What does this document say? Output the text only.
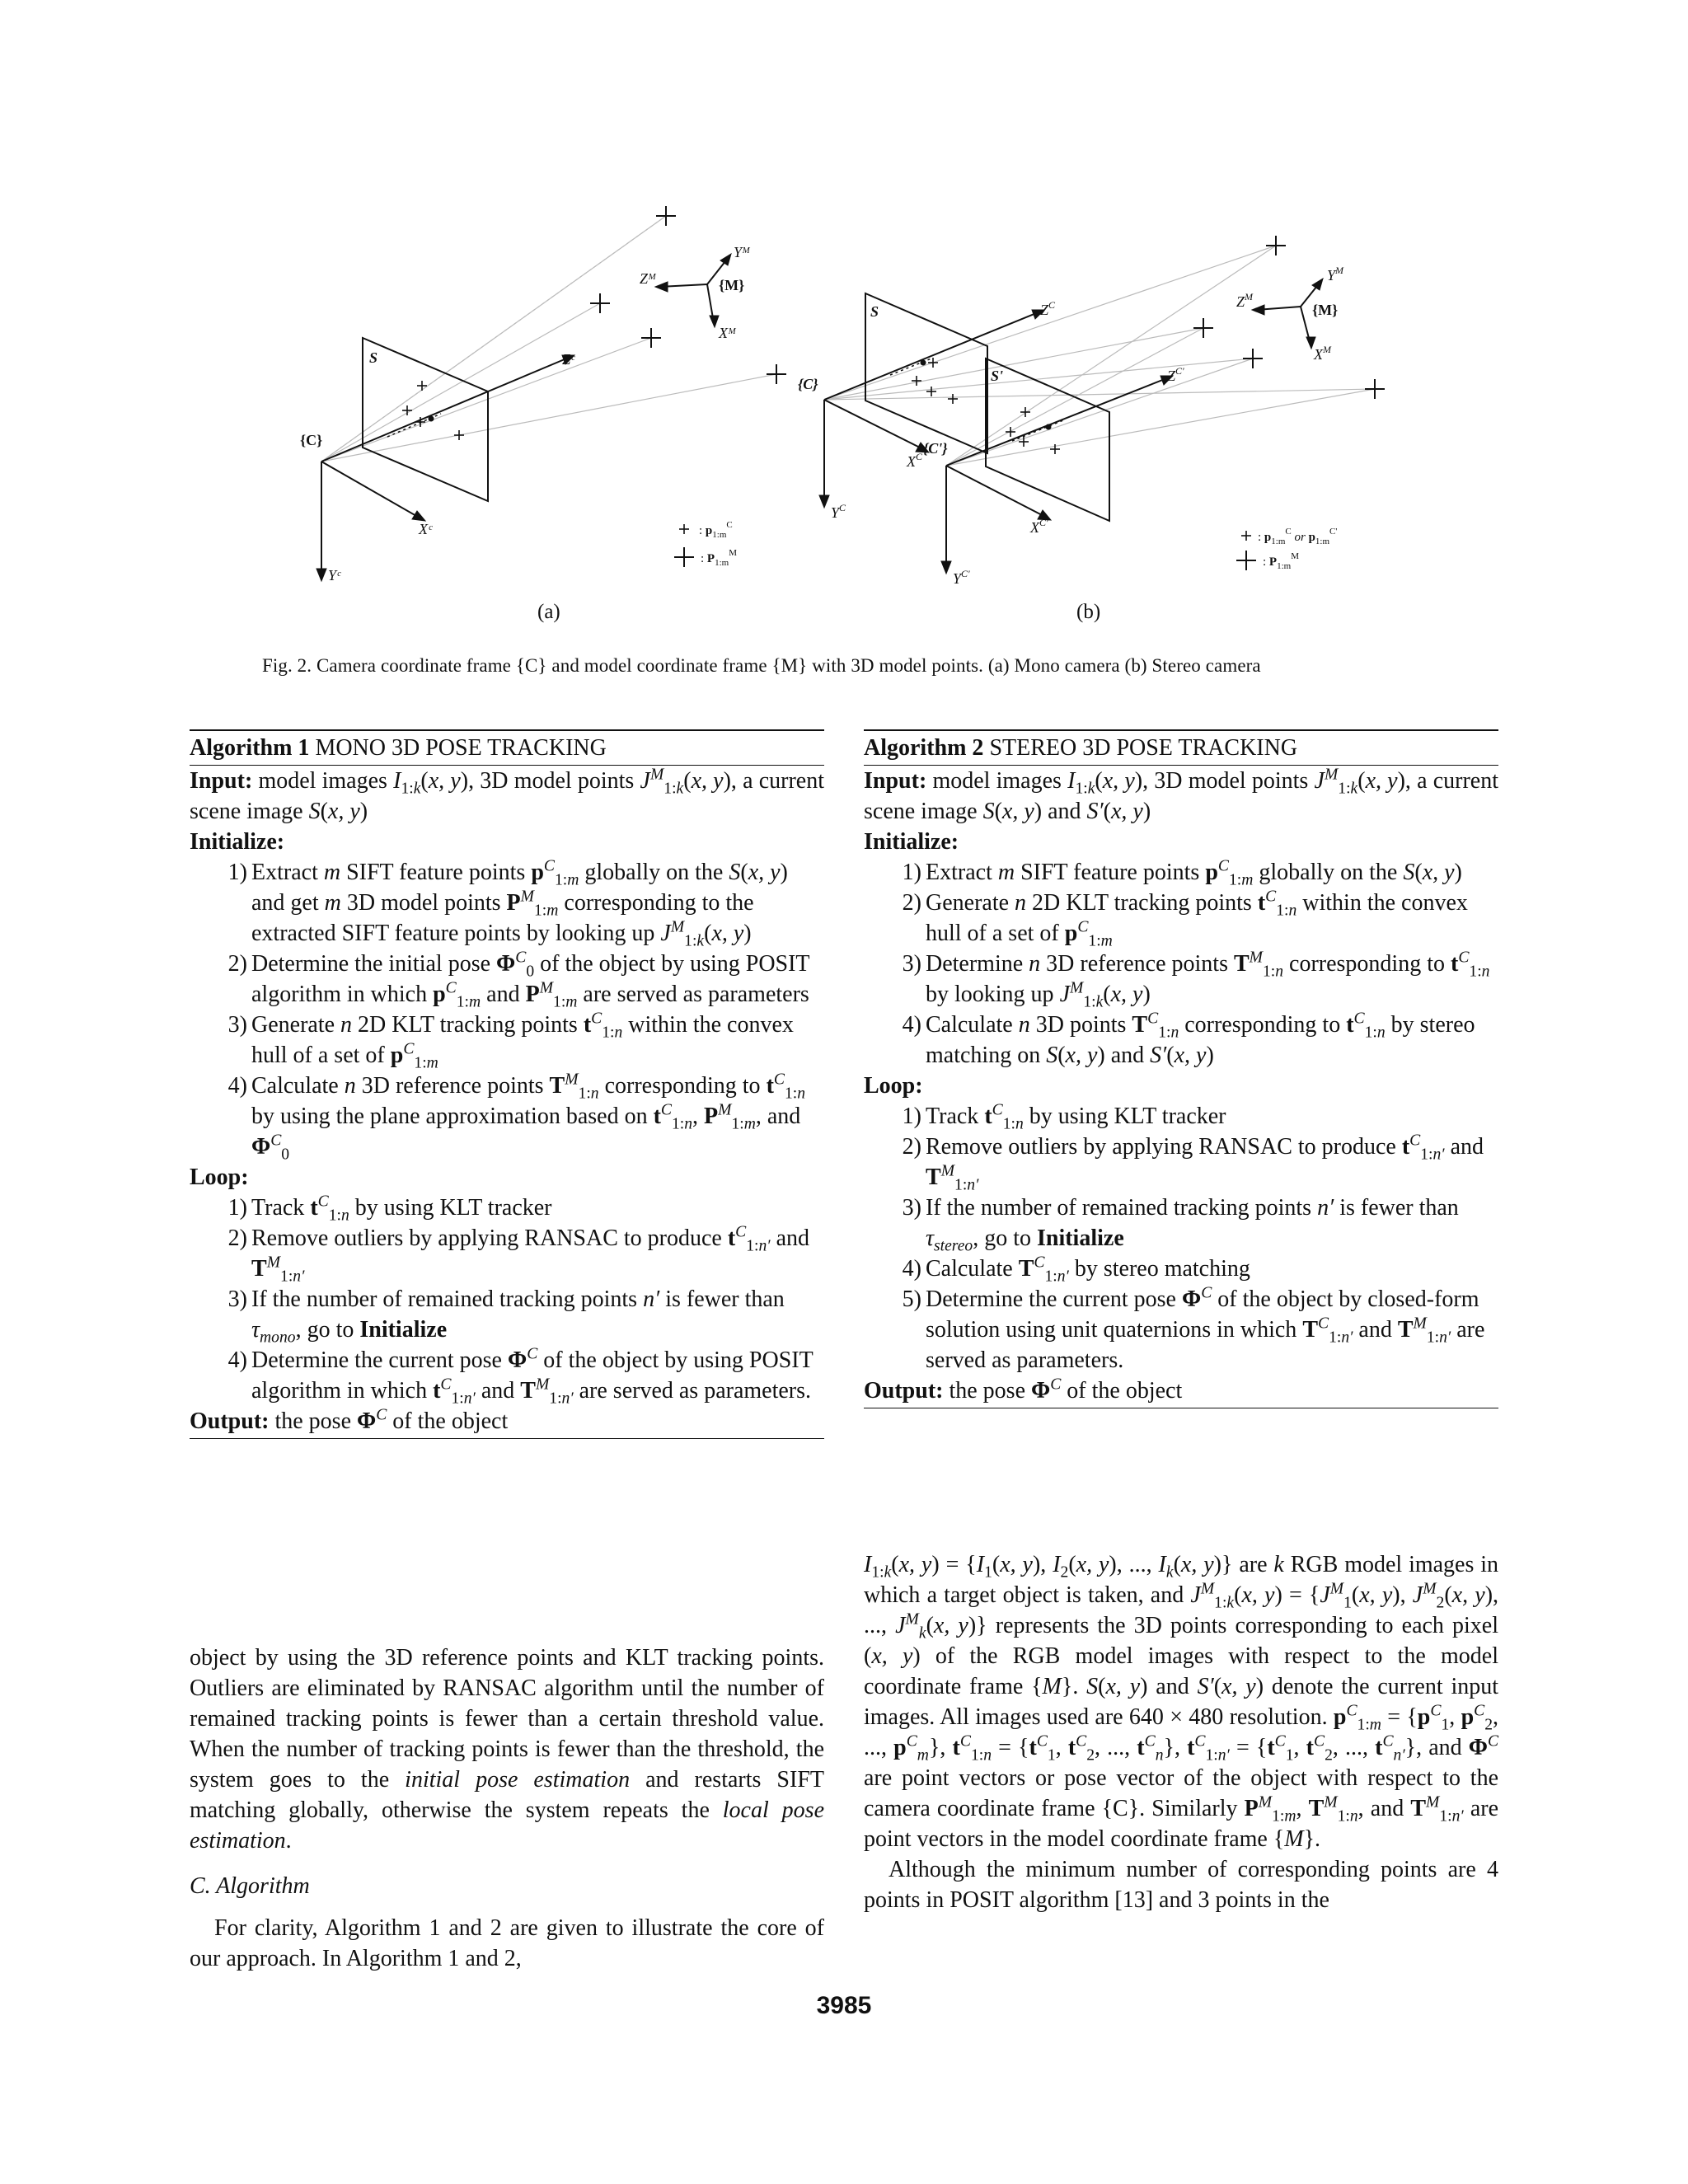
{C}
S
Yᶜ
Xᶜ
Zᶜ
{M}
Yᴹ
Zᴹ
Xᴹ
: $p_{1:m}^C$
: $P_{1:m}^M$
{C}
{C'}
S
S'
$Y^C$
$X^C$
$Z^C$
$Y^{C'}$
$X^{C'}$
$Z^{C'}$
{M}
$Y^M$
$Z^M$
$X^M$
: $p_{1:m}^C$ or $p_{1:m}^{C'}$
: $P_{1:m}^M$
(a)	(b)
Fig. 2. Camera coordinate frame {C} and model coordinate frame {M} with 3D model points. (a) Mono camera (b) Stereo camera
Algorithm 1 MONO 3D POSE TRACKING
Input: model images $I_{1:k}(x$, y), 3D model points $J^M_{1:k}(x$, y), a current scene image S(x, y)
Initialize:
1) Extract m SIFT feature points $p^C_{1:m}$ globally on the S(x, y) and get m 3D model points $P^M_{1:m}$ corresponding to the extracted SIFT feature points by looking up $J^M_{1:k}(x$, y)
2) Determine the initial pose $\Phi^C_0$ of the object by using POSIT algorithm in which $p^C_{1:m}$ and $P^M_{1:m}$ are served as parameters
3) Generate n 2D KLT tracking points $t^C_{1:n}$ within the convex hull of a set of $p^C_{1:m}$
4) Calculate n 3D reference points $T^M_{1:n}$ corresponding to $t^C_{1:n}$ by using the plane approximation based on $t^C_{1:n}$, $P^M_{1:m}$, and $\Phi^C_0$
Loop:
1) Track $t^C_{1:n}$ by using KLT tracker
2) Remove outliers by applying RANSAC to produce $t^C_{1:n'}$ and $T^M_{1:n'}$
3) If the number of remained tracking points n′ is fewer than $\tau_{mono}$, go to Initialize
4) Determine the current pose $\Phi^C$ of the object by using POSIT algorithm in which $t^C_{1:n'}$ and $T^M_{1:n'}$ are served as parameters.
Output: the pose $\Phi^C$ of the object
Algorithm 2 STEREO 3D POSE TRACKING
Input: model images $I_{1:k}(x$, y), 3D model points $J^M_{1:k}(x$, y), a current scene image S(x, y) and S′(x, y)
Initialize:
1) Extract m SIFT feature points $p^C_{1:m}$ globally on the S(x, y)
2) Generate n 2D KLT tracking points $t^C_{1:n}$ within the convex hull of a set of $p^C_{1:m}$
3) Determine n 3D reference points $T^M_{1:n}$ corresponding to $t^C_{1:n}$ by looking up $J^M_{1:k}(x$, y)
4) Calculate n 3D points $T^C_{1:n}$ corresponding to $t^C_{1:n}$ by stereo matching on S(x, y) and S′(x, y)
Loop:
1) Track $t^C_{1:n}$ by using KLT tracker
2) Remove outliers by applying RANSAC to produce $t^C_{1:n'}$ and $T^M_{1:n'}$
3) If the number of remained tracking points n′ is fewer than $\tau_{stereo}$, go to Initialize
4) Calculate $T^C_{1:n'}$ by stereo matching
5) Determine the current pose $\Phi^C$ of the object by closed-form solution using unit quaternions in which $T^C_{1:n'}$ and $T^M_{1:n'}$ are served as parameters.
Output: the pose $\Phi^C$ of the object

object by using the 3D reference points and KLT tracking points. Outliers are eliminated by RANSAC algorithm until the number of remained tracking points is fewer than a certain threshold value. When the number of tracking points is fewer than the threshold, the system goes to the initial pose estimation and restarts SIFT matching globally, otherwise the system repeats the local pose estimation.

C. Algorithm

For clarity, Algorithm 1 and 2 are given to illustrate the core of our approach. In Algorithm 1 and 2,

$I_{1:k}(x$, $y) = \{I_1(x$, y), $I_2(x$, y), ..., $I_k(x$, y)} are k RGB model images in which a target object is taken, and $J^M_{1:k}(x$, $y) = \{J^M_1(x$, y), $J^M_2(x$, y), ..., $J^M_k(x$, y)} represents the 3D points corresponding to each pixel (x, y) of the RGB model images with respect to the model coordinate frame {M}. S(x, y) and S′(x, y) denote the current input images. All images used are 640 × 480 resolution. $p^C_{1:m} = \{p^C_1$, $p^C_2$, ..., $p^C_m$}, $t^C_{1:n} = \{t^C_1$, $t^C_2$, ..., $t^C_n$}, $t^C_{1:n'} = \{t^C_1$, $t^C_2$, ..., $t^C_{n'}$}, and $\Phi^C$ are point vectors or pose vector of the object with respect to the camera coordinate frame {C}. Similarly $P^M_{1:m}$, $T^M_{1:n}$, and $T^M_{1:n'}$ are point vectors in the model coordinate frame {M}.

Although the minimum number of corresponding points are 4 points in POSIT algorithm [13] and 3 points in the

3985
